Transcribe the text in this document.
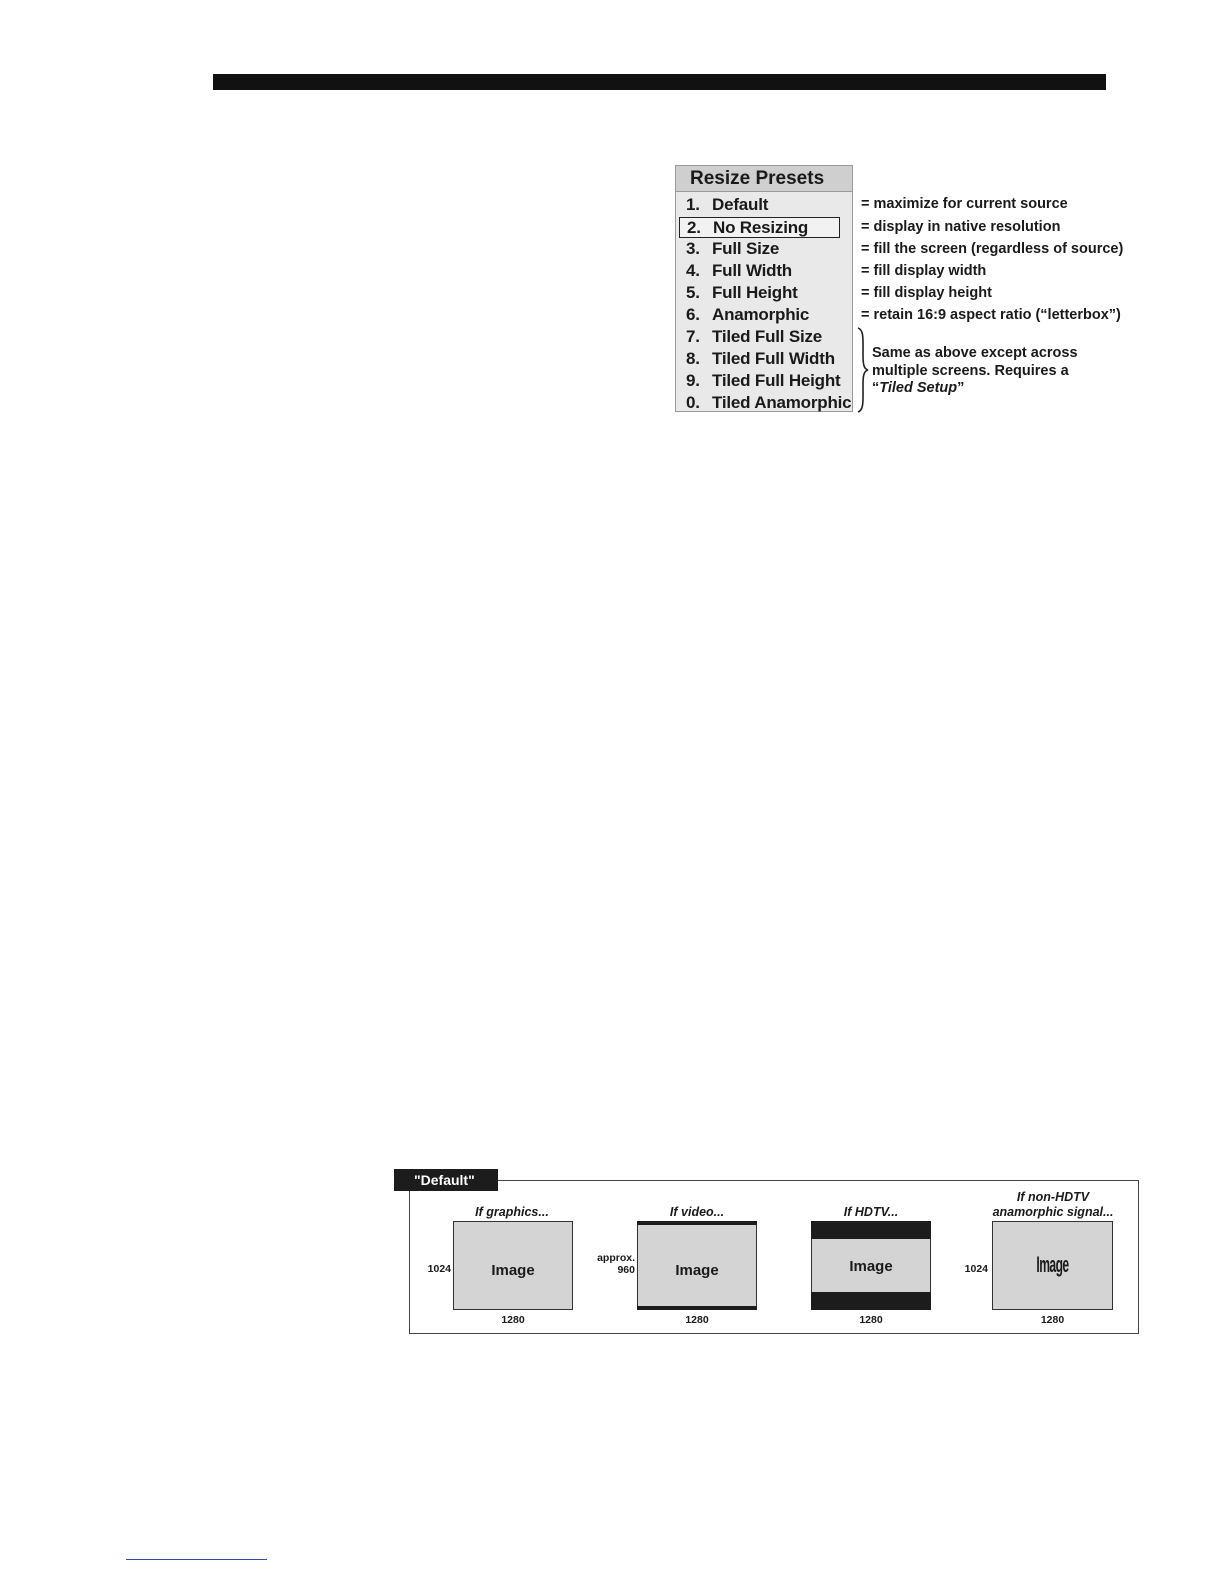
Resize Presets
1. Default
2. No Resizing
3. Full Size
4. Full Width
5. Full Height
6. Anamorphic
7. Tiled Full Size
8. Tiled Full Width
9. Tiled Full Height
0. Tiled Anamorphic
= maximize for current source
= display in native resolution
= fill the screen (regardless of source)
= fill display width
= fill display height
= retain 16:9 aspect ratio (“letterbox”)
Same as above except across
multiple screens. Requires a
“Tiled Setup”
"Default"
If graphics...
Image
1024
1280
If video...
Image
approx.
960
1280
If HDTV...
Image
1280
If non-HDTV
anamorphic signal...
Image
1024
1280
